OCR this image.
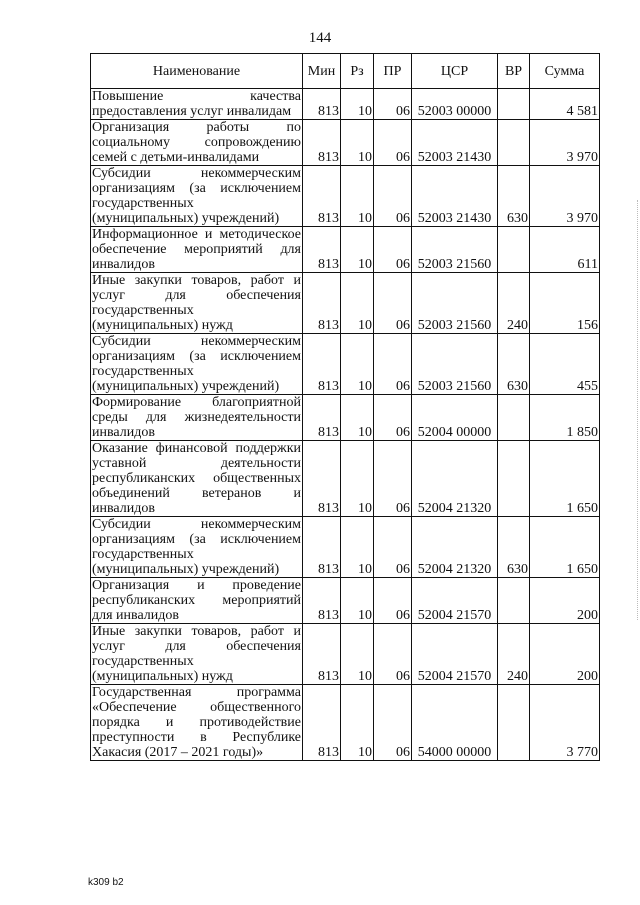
144
Наименование	Мин	Рз	ПР	ЦСР	ВР	Сумма
Повышение качества предоставления услуг инвалидам	813	10	06	52003 00000		4 581
Организация работы по социальному сопровождению семей с детьми-инвалидами	813	10	06	52003 21430		3 970
Субсидии некоммерческим организациям (за исключением государственных (муниципальных) учреждений)	813	10	06	52003 21430	630	3 970
Информационное и методическое обеспечение мероприятий для инвалидов	813	10	06	52003 21560		611
Иные закупки товаров, работ и услуг для обеспечения государственных (муниципальных) нужд	813	10	06	52003 21560	240	156
Субсидии некоммерческим организациям (за исключением государственных (муниципальных) учреждений)	813	10	06	52003 21560	630	455
Формирование благоприятной среды для жизнедеятельности инвалидов	813	10	06	52004 00000		1 850
Оказание финансовой поддержки уставной деятельности республиканских общественных объединений ветеранов и инвалидов	813	10	06	52004 21320		1 650
Субсидии некоммерческим организациям (за исключением государственных (муниципальных) учреждений)	813	10	06	52004 21320	630	1 650
Организация и проведение республиканских мероприятий для инвалидов	813	10	06	52004 21570		200
Иные закупки товаров, работ и услуг для обеспечения государственных (муниципальных) нужд	813	10	06	52004 21570	240	200
Государственная программа «Обеспечение общественного порядка и противодействие преступности в Республике Хакасия (2017 – 2021 годы)»	813	10	06	54000 00000		3 770
k309 b2
